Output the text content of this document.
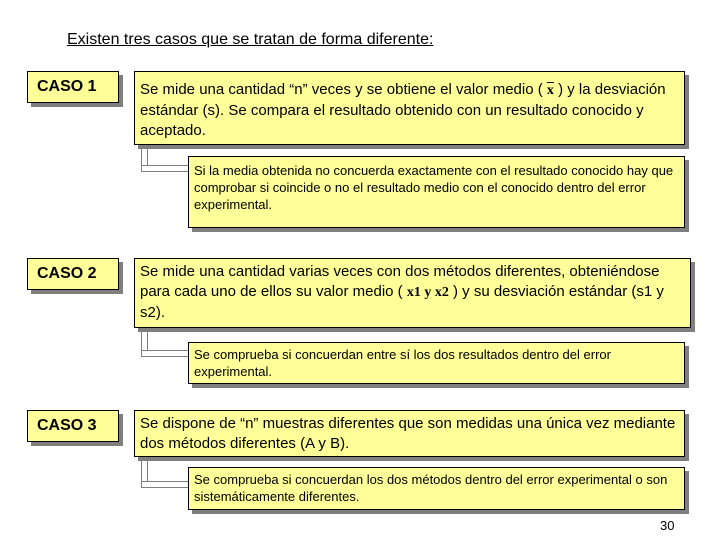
Existen tres casos que se tratan de forma diferente:
CASO 1	Se mide una cantidad “n” veces y se obtiene el valor medio ( $\overline{x}$ ) y la desviación estándar (s). Se compara el resultado obtenido con un resultado conocido y aceptado.
Si la media obtenida no concuerda exactamente con el resultado conocido hay que comprobar si coincide o no el resultado medio con el conocido dentro del error experimental.
CASO 2	Se mide una cantidad varias veces con dos métodos diferentes, obteniéndose para cada uno de ellos su valor medio ( x1 y x2 ) y su desviación estándar (s1 y s2).
Se comprueba si concuerdan entre sí los dos resultados dentro del error experimental.
CASO 3	Se dispone de “n” muestras diferentes que son medidas una única vez mediante dos métodos diferentes (A y B).
Se comprueba si concuerdan los dos métodos dentro del error experimental o son sistemáticamente diferentes.
30
